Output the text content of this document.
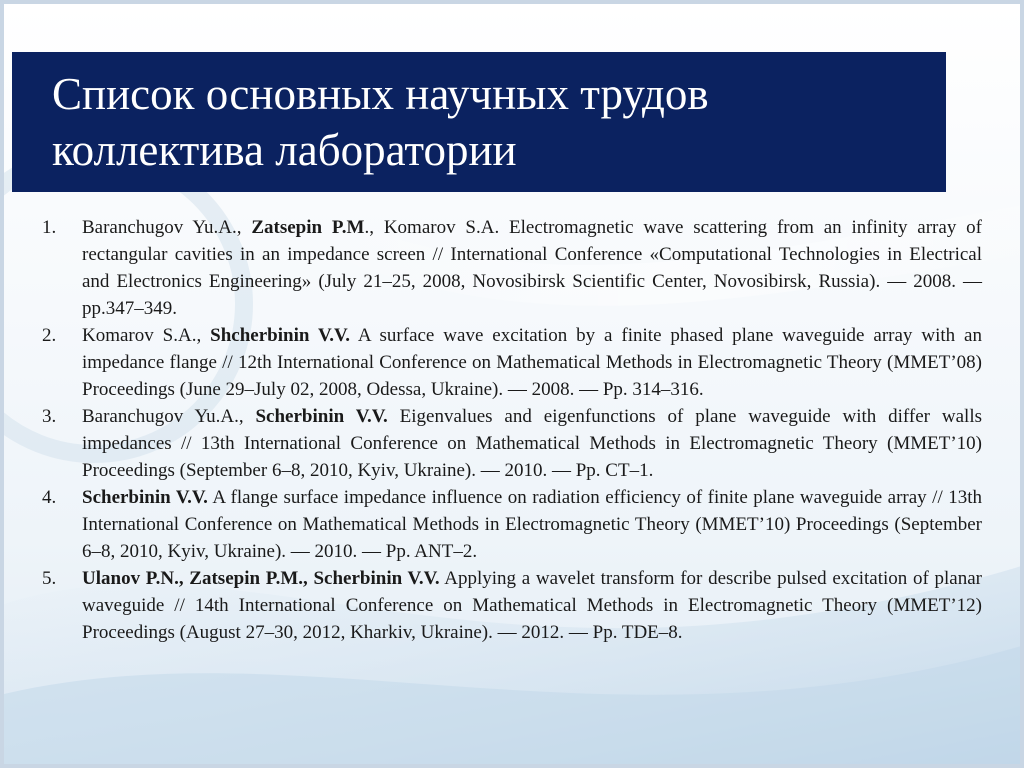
Список основных научных трудов
коллектива лаборатории
1. Baranchugov Yu.A., Zatsepin P.M., Komarov S.A. Electromagnetic wave scattering from an infinity array of rectangular cavities in an impedance screen // International Conference «Computational Technologies in Electrical and Electronics Engineering» (July 21–25, 2008, Novosibirsk Scientific Center, Novosibirsk, Russia). — 2008. — pp.347–349.
2. Komarov S.A., Shcherbinin V.V. A surface wave excitation by a finite phased plane waveguide array with an impedance flange // 12th International Conference on Mathematical Methods in Electromagnetic Theory (MMET’08) Proceedings (June 29–July 02, 2008, Odessa, Ukraine). — 2008. — Pp. 314–316.
3. Baranchugov Yu.A., Scherbinin V.V. Eigenvalues and eigenfunctions of plane waveguide with differ walls impedances // 13th International Conference on Mathematical Methods in Electromagnetic Theory (MMET’10) Proceedings (September 6–8, 2010, Kyiv, Ukraine). — 2010. — Pp. CT–1.
4. Scherbinin V.V. A flange surface impedance influence on radiation efficiency of finite plane waveguide array // 13th International Conference on Mathematical Methods in Electromagnetic Theory (MMET’10) Proceedings (September 6–8, 2010, Kyiv, Ukraine). — 2010. — Pp. ANT–2.
5. Ulanov P.N., Zatsepin P.M., Scherbinin V.V. Applying a wavelet transform for describe pulsed excitation of planar waveguide // 14th International Conference on Mathematical Methods in Electromagnetic Theory (MMET’12) Proceedings (August 27–30, 2012, Kharkiv, Ukraine). — 2012. — Pp. TDE–8.
